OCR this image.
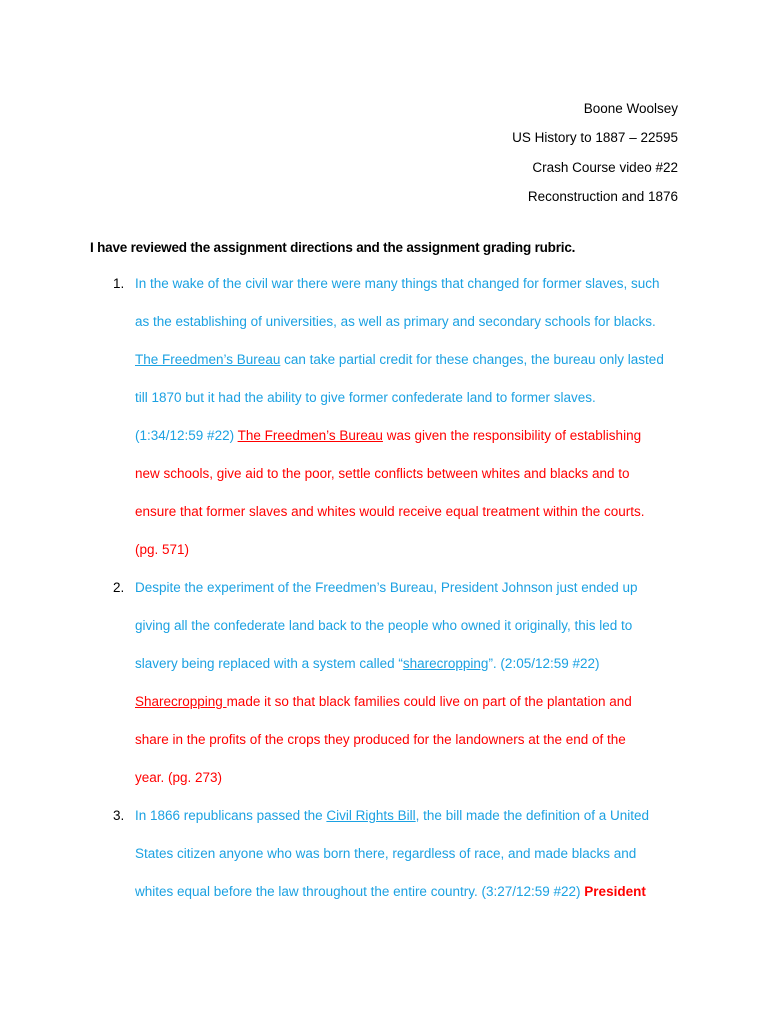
Boone Woolsey
US History to 1887 – 22595
Crash Course video #22
Reconstruction and 1876
I have reviewed the assignment directions and the assignment grading rubric.
1. In the wake of the civil war there were many things that changed for former slaves, such
as the establishing of universities, as well as primary and secondary schools for blacks.
The Freedmen’s Bureau can take partial credit for these changes, the bureau only lasted
till 1870 but it had the ability to give former confederate land to former slaves.
(1:34/12:59 #22) The Freedmen’s Bureau was given the responsibility of establishing
new schools, give aid to the poor, settle conflicts between whites and blacks and to
ensure that former slaves and whites would receive equal treatment within the courts.
(pg. 571)
2. Despite the experiment of the Freedmen’s Bureau, President Johnson just ended up
giving all the confederate land back to the people who owned it originally, this led to
slavery being replaced with a system called “sharecropping”. (2:05/12:59 #22)
Sharecropping made it so that black families could live on part of the plantation and
share in the profits of the crops they produced for the landowners at the end of the
year. (pg. 273)
3. In 1866 republicans passed the Civil Rights Bill, the bill made the definition of a United
States citizen anyone who was born there, regardless of race, and made blacks and
whites equal before the law throughout the entire country. (3:27/12:59 #22) President
